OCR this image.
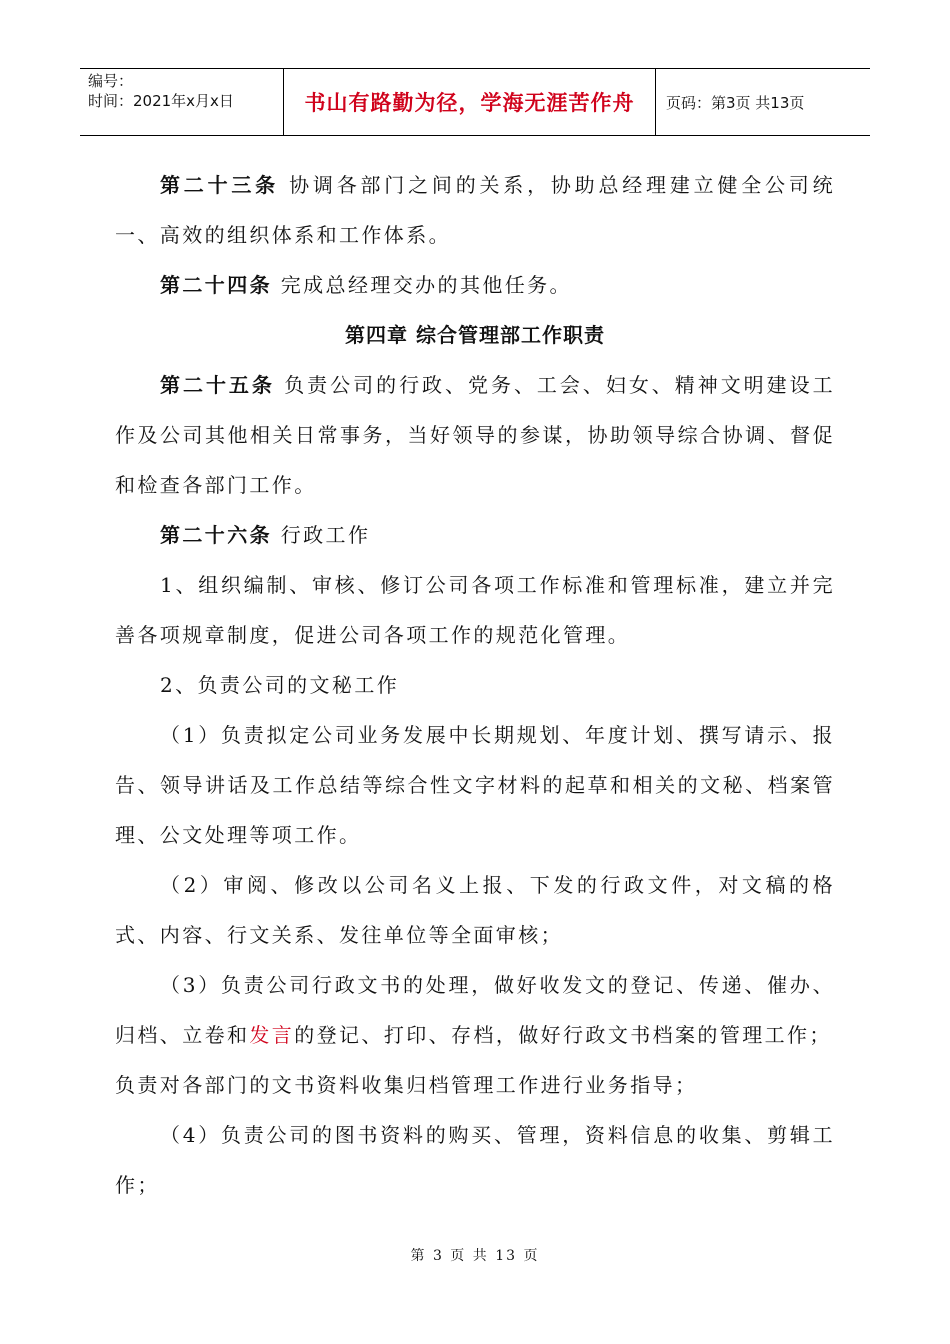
编号：
时间：2021年x月x日	书山有路勤为径，学海无涯苦作舟	页码：第3页 共13页

第二十三条 协调各部门之间的关系，协助总经理建立健全公司统一、高效的组织体系和工作体系。

第二十四条 完成总经理交办的其他任务。

第四章 综合管理部工作职责

第二十五条 负责公司的行政、党务、工会、妇女、精神文明建设工作及公司其他相关日常事务，当好领导的参谋，协助领导综合协调、督促和检查各部门工作。

第二十六条 行政工作

1、组织编制、审核、修订公司各项工作标准和管理标准，建立并完善各项规章制度，促进公司各项工作的规范化管理。

2、负责公司的文秘工作

（1）负责拟定公司业务发展中长期规划、年度计划、撰写请示、报告、领导讲话及工作总结等综合性文字材料的起草和相关的文秘、档案管理、公文处理等项工作。

（2）审阅、修改以公司名义上报、下发的行政文件，对文稿的格式、内容、行文关系、发往单位等全面审核；

（3）负责公司行政文书的处理，做好收发文的登记、传递、催办、归档、立卷和发言的登记、打印、存档，做好行政文书档案的管理工作；

负责对各部门的文书资料收集归档管理工作进行业务指导；

（4）负责公司的图书资料的购买、管理，资料信息的收集、剪辑工作；

第 3 页 共 13 页
